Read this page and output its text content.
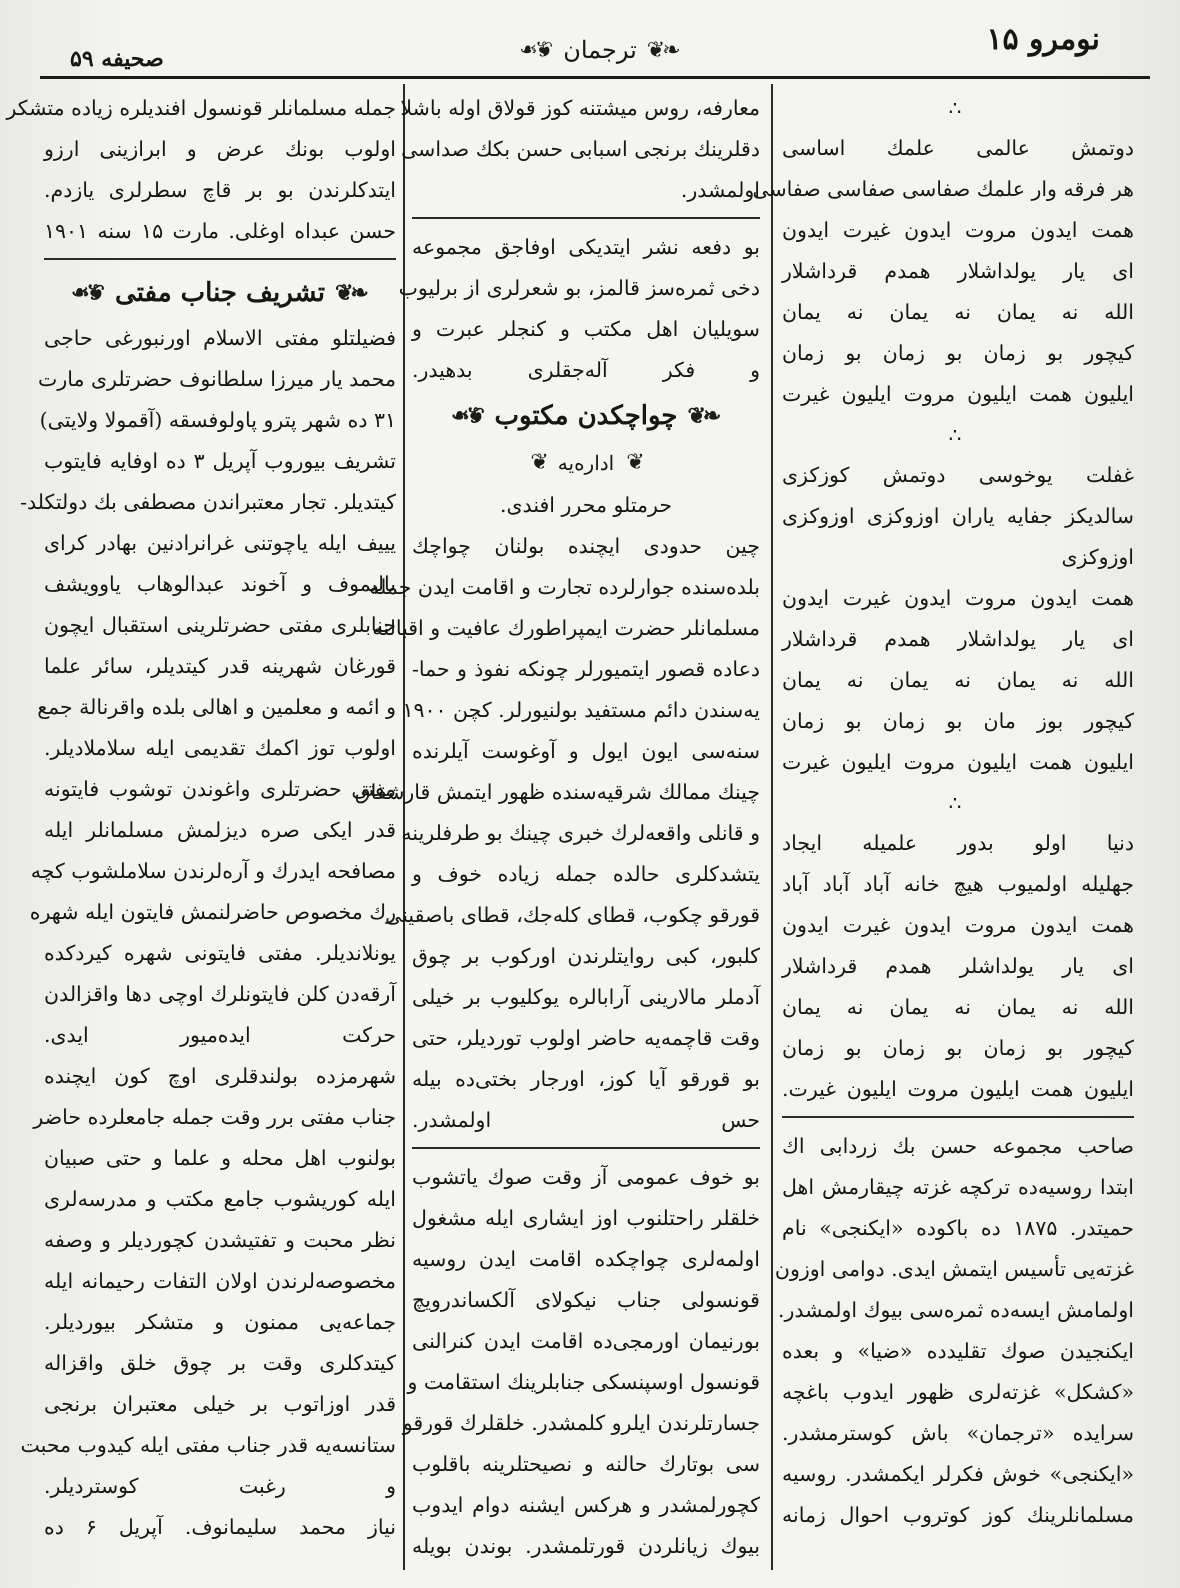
نومرو ۱۵
❧❦
ترجمان
❧❦
صحیفه ۵۹
∴

دوتمش عالمی علمك اساسی
هر فرقه وار علمك صفاسی صفاسی صفاسی
همت ایدون مروت ایدون غیرت ایدون
ای یار یولداشلار همدم قرداشلار
الله نه یمان نه یمان نه یمان
کیچور بو زمان بو زمان بو زمان
ایلیون همت ایلیون مروت ایلیون غیرت

∴

غفلت یوخوسی دوتمش کوزکزی
سالدیکز جفایه یاران اوزوکزی اوزوکزی
اوزوکزی
همت ایدون مروت ایدون غیرت ایدون
ای یار یولداشلار همدم قرداشلار
الله نه یمان نه یمان نه یمان
کیچور بوز مان بو زمان بو زمان
ایلیون همت ایلیون مروت ایلیون غیرت

∴

دنیا اولو بدور علمیله ایجاد
جهلیله اولمیوب هیچ خانه آباد آباد آباد
همت ایدون مروت ایدون غیرت ایدون
ای یار یولداشلر همدم قرداشلار
الله نه یمان نه یمان نه یمان
کیچور بو زمان بو زمان بو زمان
ایلیون همت ایلیون مروت ایلیون غیرت.

صاحب مجموعه حسن بك زردابی اك
ابتدا روسیه‌ده ترکچه غزته چیقارمش اهل
حمیتدر. ۱۸۷۵ ده باکوده «ایکنجی» نام
غزته‌یی تأسیس ایتمش ایدی. دوامی اوزون
اولمامش ایسه‌ده ثمره‌سی بیوك اولمشدر.
ایکنجیدن صوك تقلیدده «ضیا» و بعده
«کشکل» غزته‌لری ظهور ایدوب باغچه
سرایده «ترجمان» باش کوسترمشدر.
«ایکنجی» خوش فکرلر ایکمشدر. روسیه
مسلمانلرینك کوز کوتروب احوال زمانه

معارفه، روس میشتنه کوز قولاق اوله باشلا
دقلرینك برنجی اسبابی حسن بکك صداسی
اولمشدر.

بو دفعه نشر ایتدیکی اوفاجق مجموعه
دخی ثمره‌سز قالمز، بو شعرلری از برلیوب
سویلیان اهل مکتب و کنجلر عبرت و
و فکر آله‌جقلری بدهیدر.

❧❦
چواچکدن مکتوب
❧❦
❦
اداره‌یه
❦
حرمتلو محرر افندی.

چین حدودی ایچنده بولنان چواچك
بلده‌سنده جوارلرده تجارت و اقامت ایدن جمله
مسلمانلر حضرت ایمپراطورك عافیت و اقبالنه
دعاده قصور ایتمیورلر چونکه نفوذ و حما-
یه‌سندن دائم مستفید بولنیورلر. کچن ۱۹۰۰
سنه‌سی ایون ایول و آوغوست آیلرنده
چینك ممالك شرقیه‌سنده ظهور ایتمش قارشقاق
و قانلی واقعه‌لرك خبری چینك بو طرفلرینه
یتشدکلری حالده جمله زیاده خوف و
قورقو چکوب، قطای کله‌جك، قطای باصقینی
کلبور، کبی روایتلرندن اورکوب بر چوق
آدملر مالارینی آرابالره یوکلیوب بر خیلی
وقت قاچمه‌یه حاضر اولوب توردیلر، حتی
بو قورقو آیا کوز، اورجار بختی‌ده بیله
حس اولمشدر.

بو خوف عمومی آز وقت صوك یاتشوب
خلقلر راحتلنوب اوز ایشاری ایله مشغول
اولمه‌لری چواچکده اقامت ایدن روسیه
قونسولی جناب نیکولای آلکساندرویچ
بورنیمان اورمجی‌ده اقامت ایدن کنرالنی
قونسول اوسپنسکی جنابلرینك استقامت و
جسارتلرندن ایلرو کلمشدر. خلقلرك قورقو
سی بوتارك حالنه و نصیحتلرینه باقلوب
کچورلمشدر و هرکس ایشنه دوام ایدوب
بیوك زیانلردن قورتلمشدر. بوندن بویله

جمله مسلمانلر قونسول افندیلره زیاده متشکر
اولوب بونك عرض و ابرازینی ارزو
ایتدکلرندن بو بر قاچ سطرلری یازدم.

حسن عبداه اوغلی. مارت ۱۵ سنه ۱۹۰۱
❧❦
تشریف جناب مفتی
❧❦

فضیلتلو مفتی الاسلام اورنبورغی حاجی
محمد یار میرزا سلطانوف حضرتلری مارت
۳۱ ده شهر پترو پاولوفسقه (آقمولا ولایتی)
تشریف بیوروب آپریل ۳ ده اوفایه فایتوب
کیتدیلر. تجار معتبراندن مصطفی بك دولتکلد-
یییف ایله یاچوتنی غرانرادنین بهادر کرای
یالیموف و آخوند عبدالوهاب یاوویشف
جنابلری مفتی حضرتلرینی استقبال ایچون
قورغان شهرینه قدر کیتدیلر، سائر علما
و ائمه و معلمین و اهالی بلده واقرنالة جمع
اولوب توز اکمك تقدیمی ایله سلاملادیلر.
مفتی حضرتلری واغوندن توشوب فایتونه
قدر ایکی صره دیزلمش مسلمانلر ایله
مصافحه ایدرك و آرەلرندن سلاملشوب کچه
رك مخصوص حاضرلنمش فایتون ایله شهره
یونلاندیلر. مفتی فایتونی شهره کیردکده
آرقه‌دن کلن فایتونلرك اوچی دها واقزالدن
حرکت ایده‌میور ایدی.

شهرمزده بولندقلری اوچ کون ایچنده
جناب مفتی برر وقت جمله جامعلرده حاضر
بولنوب اهل محله و علما و حتی صبیان
ایله کوریشوب جامع مکتب و مدرسه‌لری
نظر محبت و تفتیشدن کچوردیلر و وصفه
مخصوصه‌لرندن اولان التفات رحیمانه ایله
جماعه‌یی ممنون و متشکر بیوردیلر.

کیتدکلری وقت بر چوق خلق واقزاله
قدر اوزاتوب بر خیلی معتبران برنجی
ستانسه‌یه قدر جناب مفتی ایله کیدوب محبت
و رغبت کوستردیلر.

نیاز محمد سلیمانوف. آپریل ۶ ده
